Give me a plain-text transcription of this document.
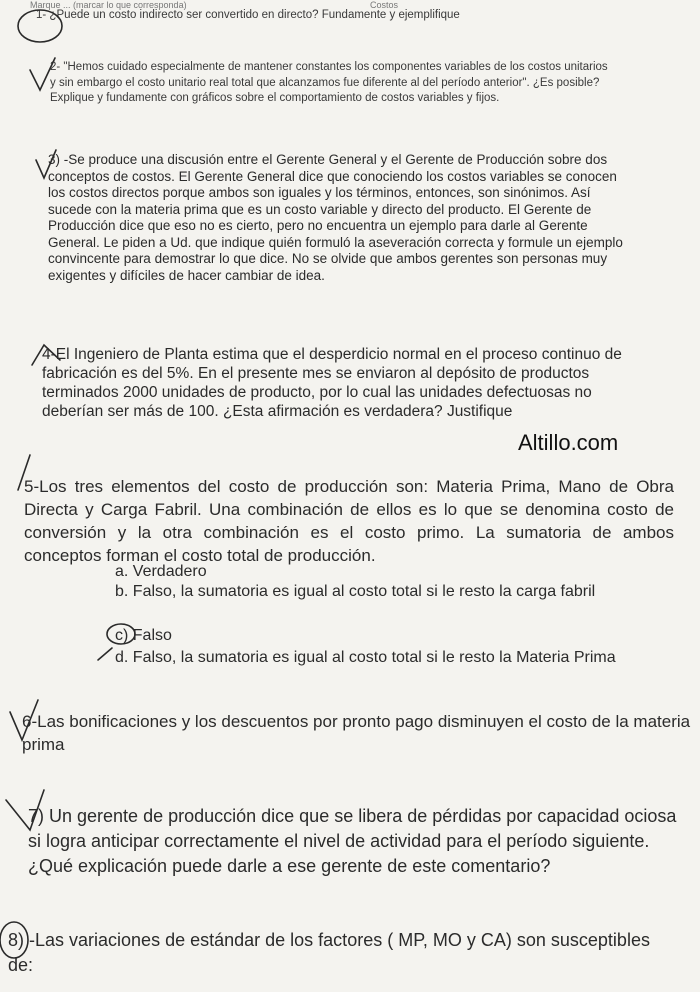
Marque ... (marcar lo que corresponda)	Costos

1- ¿Puede un costo indirecto ser convertido en directo? Fundamente y ejemplifique

2- "Hemos cuidado especialmente de mantener constantes los componentes variables de los costos unitarios y sin embargo el costo unitario real total que alcanzamos fue diferente al del período anterior". ¿Es posible? Explique y fundamente con gráficos sobre el comportamiento de costos variables y fijos.

3) -Se produce una discusión entre el Gerente General y el Gerente de Producción sobre dos conceptos de costos. El Gerente General dice que conociendo los costos variables se conocen los costos directos porque ambos son iguales y los términos, entonces, son sinónimos. Así sucede con la materia prima que es un costo variable y directo del producto. El Gerente de Producción dice que eso no es cierto, pero no encuentra un ejemplo para darle al Gerente General. Le piden a Ud. que indique quién formuló la aseveración correcta y formule un ejemplo convincente para demostrar lo que dice. No se olvide que ambos gerentes son personas muy exigentes y difíciles de hacer cambiar de idea.

4-El Ingeniero de Planta estima que el desperdicio normal en el proceso continuo de fabricación es del 5%. En el presente mes se enviaron al depósito de productos terminados 2000 unidades de producto, por lo cual las unidades defectuosas no deberían ser más de 100. ¿Esta afirmación es verdadera? Justifique

Altillo.com

5-Los tres elementos del costo de producción son: Materia Prima, Mano de Obra Directa y Carga Fabril. Una combinación de ellos es lo que se denomina costo de conversión y la otra combinación es el costo primo. La sumatoria de ambos conceptos forman el costo total de producción.

a. Verdadero
b. Falso, la sumatoria es igual al costo total si le resto la carga fabril
c) Falso
d. Falso, la sumatoria es igual al costo total si le resto la Materia Prima

6-Las bonificaciones y los descuentos por pronto pago disminuyen el costo de la materia prima

7) Un gerente de producción dice que se libera de pérdidas por capacidad ociosa si logra anticipar correctamente el nivel de actividad para el período siguiente. ¿Qué explicación puede darle a ese gerente de este comentario?

8) -Las variaciones de estándar de los factores ( MP, MO y CA) son susceptibles de:
